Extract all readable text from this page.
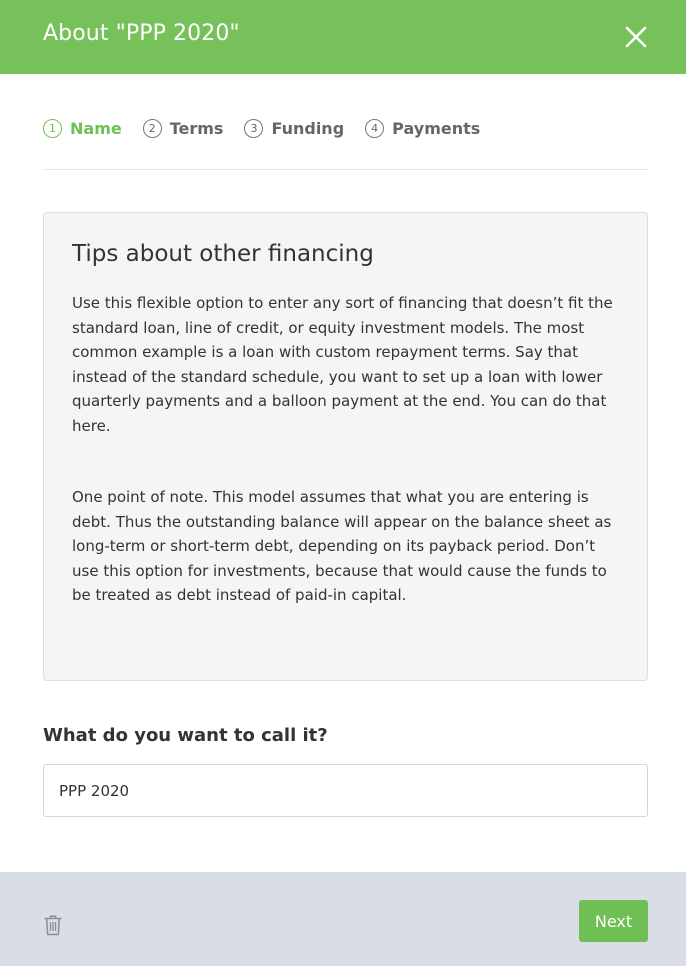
About "PPP 2020"
1 Name	2 Terms	3 Funding	4 Payments
Tips about other financing
Use this flexible option to enter any sort of financing that doesn’t fit the standard loan, line of credit, or equity investment models. The most common example is a loan with custom repayment terms. Say that instead of the standard schedule, you want to set up a loan with lower quarterly payments and a balloon payment at the end. You can do that here.
One point of note. This model assumes that what you are entering is debt. Thus the outstanding balance will appear on the balance sheet as long-term or short-term debt, depending on its payback period. Don’t use this option for investments, because that would cause the funds to be treated as debt instead of paid-in capital.
What do you want to call it?
PPP 2020
Next
